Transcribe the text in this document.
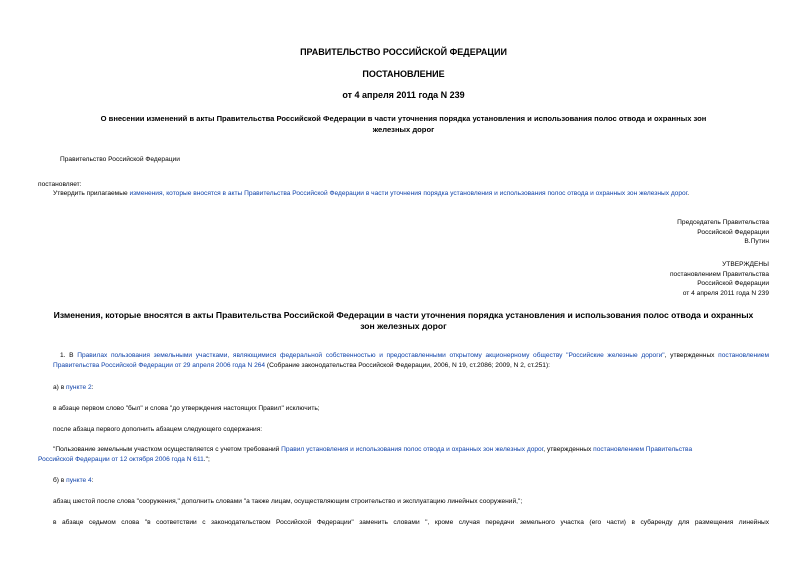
ПРАВИТЕЛЬСТВО РОССИЙСКОЙ ФЕДЕРАЦИИ
ПОСТАНОВЛЕНИЕ
от 4 апреля 2011 года N 239
О внесении изменений в акты Правительства Российской Федерации в части уточнения порядка установления и использования полос отвода и охранных зон
железных дорог
Правительство Российской Федерации
постановляет:
Утвердить прилагаемые изменения, которые вносятся в акты Правительства Российской Федерации в части уточнения порядка установления и использования полос отвода и охранных зон железных дорог.
Председатель Правительства
Российской Федерации
В.Путин
УТВЕРЖДЕНЫ
постановлением Правительства
Российской Федерации
от 4 апреля 2011 года N 239
Изменения, которые вносятся в акты Правительства Российской Федерации в части уточнения порядка установления и использования полос отвода и охранных
зон железных дорог
1. В Правилах пользования земельными участками, являющимися федеральной собственностью и предоставленными открытому акционерному обществу "Российские железные дороги", утвержденных постановлением Правительства Российской Федерации от 29 апреля 2006 года N 264 (Собрание законодательства Российской Федерации, 2006, N 19, ст.2086; 2009, N 2, ст.251):
а) в пункте 2:
в абзаце первом слово "был" и слова "до утверждения настоящих Правил" исключить;
после абзаца первого дополнить абзацем следующего содержания:
"Пользование земельным участком осуществляется с учетом требований Правил установления и использования полос отвода и охранных зон железных дорог, утвержденных постановлением Правительства
Российской Федерации от 12 октября 2006 года N 611.";
б) в пункте 4:
абзац шестой после слова "сооружения," дополнить словами "а также лицам, осуществляющим строительство и эксплуатацию линейных сооружений,";
в абзаце седьмом слова "в соответствии с законодательством Российской Федерации" заменить словами ", кроме случая передачи земельного участка (его части) в субаренду для размещения линейных
